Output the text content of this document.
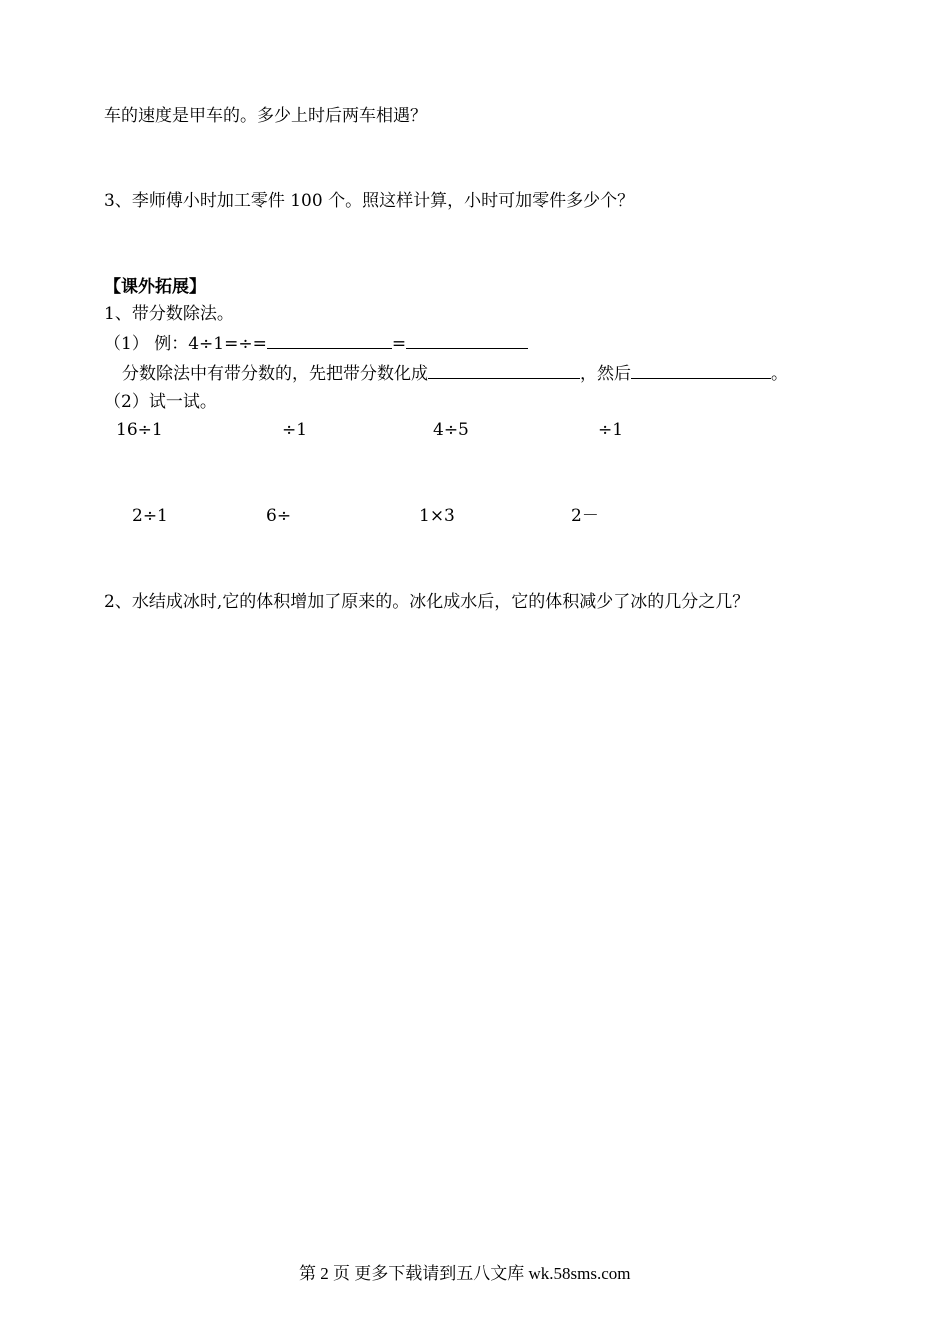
车的速度是甲车的。多少上时后两车相遇？
3、李师傅小时加工零件 100 个。照这样计算，小时可加零件多少个？
【课外拓展】
1、带分数除法。
（1） 例：4÷1=÷=	=
分数除法中有带分数的，先把带分数化成	，然后	。
（2）试一试。
16÷1	÷1	4÷5	÷1
2÷1	6÷	1×3	2－
2、水结成冰时,它的体积增加了原来的。冰化成水后，它的体积减少了冰的几分之几？
第 2 页 更多下载请到五八文库 wk.58sms.com
